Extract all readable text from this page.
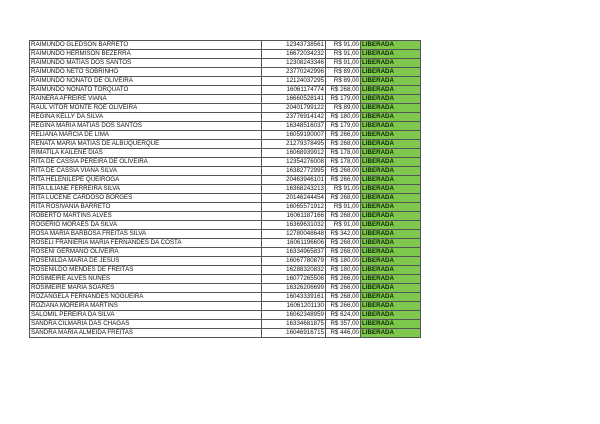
RAIMUNDO GLEDSON BARRETO	12343738561	R$ 91,00	LIBERADA
RAIMUNDO HERMISON BEZERRA	16672034232	R$ 91,00	LIBERADA
RAIMUNDO MATIAS DOS SANTOS	12308243346	R$ 91,00	LIBERADA
RAIMUNDO NETO SOBRINHO	23770242996	R$ 89,00	LIBERADA
RAIMUNDO NONATO DE OLIVEIRA	12124037295	R$ 89,00	LIBERADA
RAIMUNDO NONATO TORQUATO	16061174774	R$ 268,00	LIBERADA
RAINERA AFREIRE VIANA	16660528141	R$ 179,00	LIBERADA
RAUL VITOR MONTE ROE OLIVEIRA	20401799122	R$ 89,00	LIBERADA
REGINA KELLY DA SILVA	23776914142	R$ 180,00	LIBERADA
REGINA MARIA MATIAS DOS SANTOS	16348516037	R$ 179,00	LIBERADA
RELIANA MARCIA DE LIMA	16059190007	R$ 266,00	LIBERADA
RENATA MARIA MATIAS DE ALBUQUERQUE	21279378495	R$ 268,00	LIBERADA
RIMATILA KAILENE DIAS	16068939912	R$ 178,00	LIBERADA
RITA DE CASSIA PEREIRA DE OLIVEIRA	12354276008	R$ 178,00	LIBERADA
RITA DE CASSIA VIANA SILVA	16382772995	R$ 268,00	LIBERADA
RITA HELENILEPE QUEIROGA	20463946101	R$ 266,00	LIBERADA
RITA LILIANE FERREIRA SILVA	16368243213	R$ 91,00	LIBERADA
RITA LUCENE CARDOSO BORGES	20146244454	R$ 268,00	LIBERADA
RITA ROSIVANIA BARRETO	16065571912	R$ 91,00	LIBERADA
ROBERTO MARTINS ALVES	16061187166	R$ 268,00	LIBERADA
ROGERIO MORAES DA SILVA	16369631032	R$ 91,00	LIBERADA
ROSA MARIA BARBOSA FREITAS SILVA	12780048648	R$ 342,00	LIBERADA
ROSELI FRANIERIA MARIA FERNANDES DA COSTA	16061196606	R$ 268,00	LIBERADA
ROSENI GERMANO OLIVEIRA	16334965837	R$ 268,00	LIBERADA
ROSENILDA MARIA DE JESUS	16067780879	R$ 180,00	LIBERADA
ROSENILDO MENDES DE FREITAS	16288320832	R$ 180,00	LIBERADA
ROSIMEIRE ALVES NUNES	16077265506	R$ 266,00	LIBERADA
ROSIMEIRE MARIA SOARES	16326206699	R$ 266,00	LIBERADA
ROZANGELA FERNANDES NOGUEIRA	16043339161	R$ 268,00	LIBERADA
ROZIANA MOREIRA MARTINS	16061201130	R$ 266,00	LIBERADA
SALOMIL PEREIRA DA SILVA	16062348959	R$ 624,00	LIBERADA
SANDRA CILMARIA DAS CHAGAS	16334681875	R$ 357,00	LIBERADA
SANDRA MARIA ALMEIDA FREITAS	16046916715	R$ 446,00	LIBERADA
